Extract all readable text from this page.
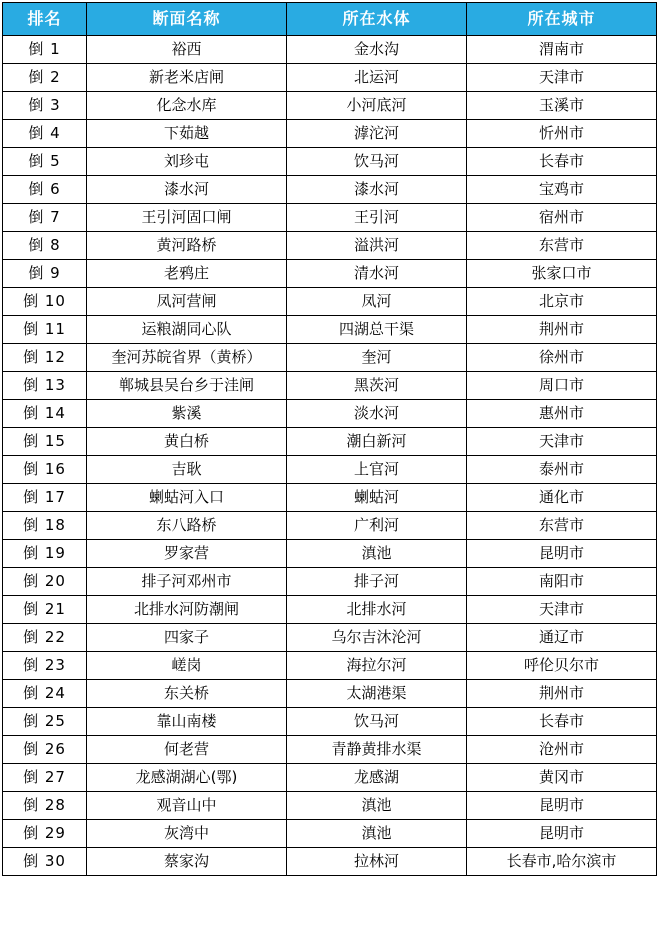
排名	断面名称	所在水体	所在城市
倒 1	裕西	金水沟	渭南市
倒 2	新老米店闸	北运河	天津市
倒 3	化念水库	小河底河	玉溪市
倒 4	下茹越	滹沱河	忻州市
倒 5	刘珍屯	饮马河	长春市
倒 6	漆水河	漆水河	宝鸡市
倒 7	王引河固口闸	王引河	宿州市
倒 8	黄河路桥	溢洪河	东营市
倒 9	老鸦庄	清水河	张家口市
倒 10	凤河营闸	凤河	北京市
倒 11	运粮湖同心队	四湖总干渠	荆州市
倒 12	奎河苏皖省界（黄桥）	奎河	徐州市
倒 13	郸城县吴台乡于洼闸	黑茨河	周口市
倒 14	紫溪	淡水河	惠州市
倒 15	黄白桥	潮白新河	天津市
倒 16	吉耿	上官河	泰州市
倒 17	蝲蛄河入口	蝲蛄河	通化市
倒 18	东八路桥	广利河	东营市
倒 19	罗家营	滇池	昆明市
倒 20	排子河邓州市	排子河	南阳市
倒 21	北排水河防潮闸	北排水河	天津市
倒 22	四家子	乌尔吉沐沦河	通辽市
倒 23	嵯岗	海拉尔河	呼伦贝尔市
倒 24	东关桥	太湖港渠	荆州市
倒 25	靠山南楼	饮马河	长春市
倒 26	何老营	青静黄排水渠	沧州市
倒 27	龙感湖湖心(鄂)	龙感湖	黄冈市
倒 28	观音山中	滇池	昆明市
倒 29	灰湾中	滇池	昆明市
倒 30	蔡家沟	拉林河	长春市,哈尔滨市
